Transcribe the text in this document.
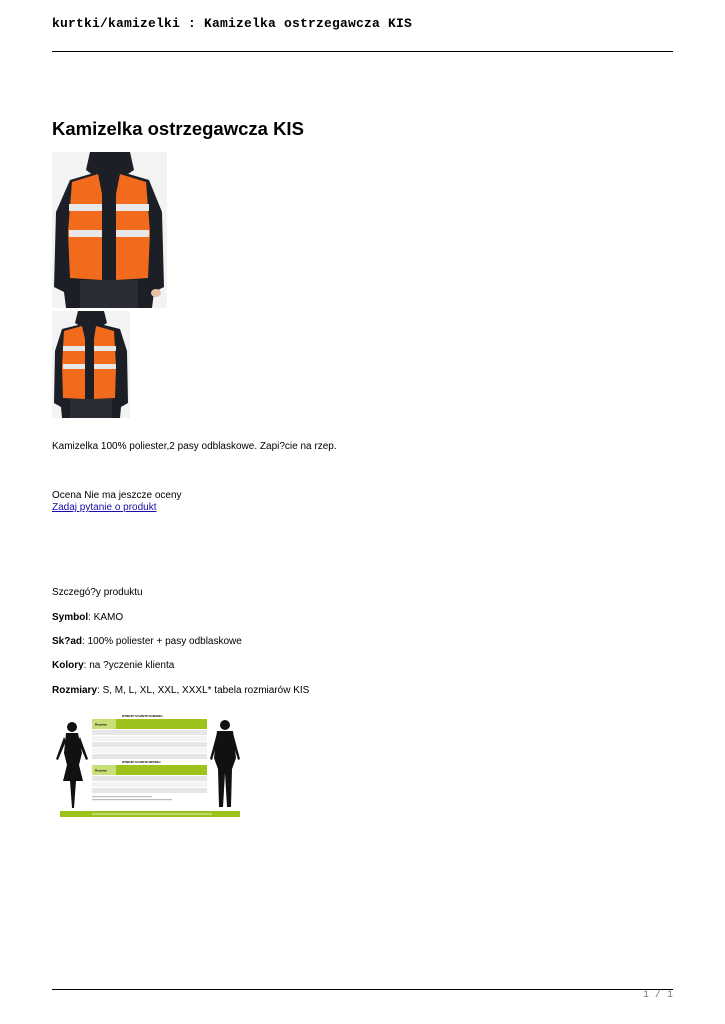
kurtki/kamizelki : Kamizelka ostrzegawcza KIS
Kamizelka ostrzegawcza KIS
Kamizelka 100% poliester,2 pasy odblaskowe. Zapi?cie na rzep.
Ocena Nie ma jeszcze oceny
Zadaj pytanie o produkt
Szczegó?y produktu
Symbol: KAMO
Sk?ad: 100% poliester + pasy odblaskowe
Kolory: na ?yczenie klienta
Rozmiary: S, M, L, XL, XXL, XXXL* tabela rozmiarów KIS
WYMIARY SYLWETKI DAMSKIEJ
Rozmiar
WYMIARY SYLWETKI MĘSKIEJ
Rozmiar
1 / 1
